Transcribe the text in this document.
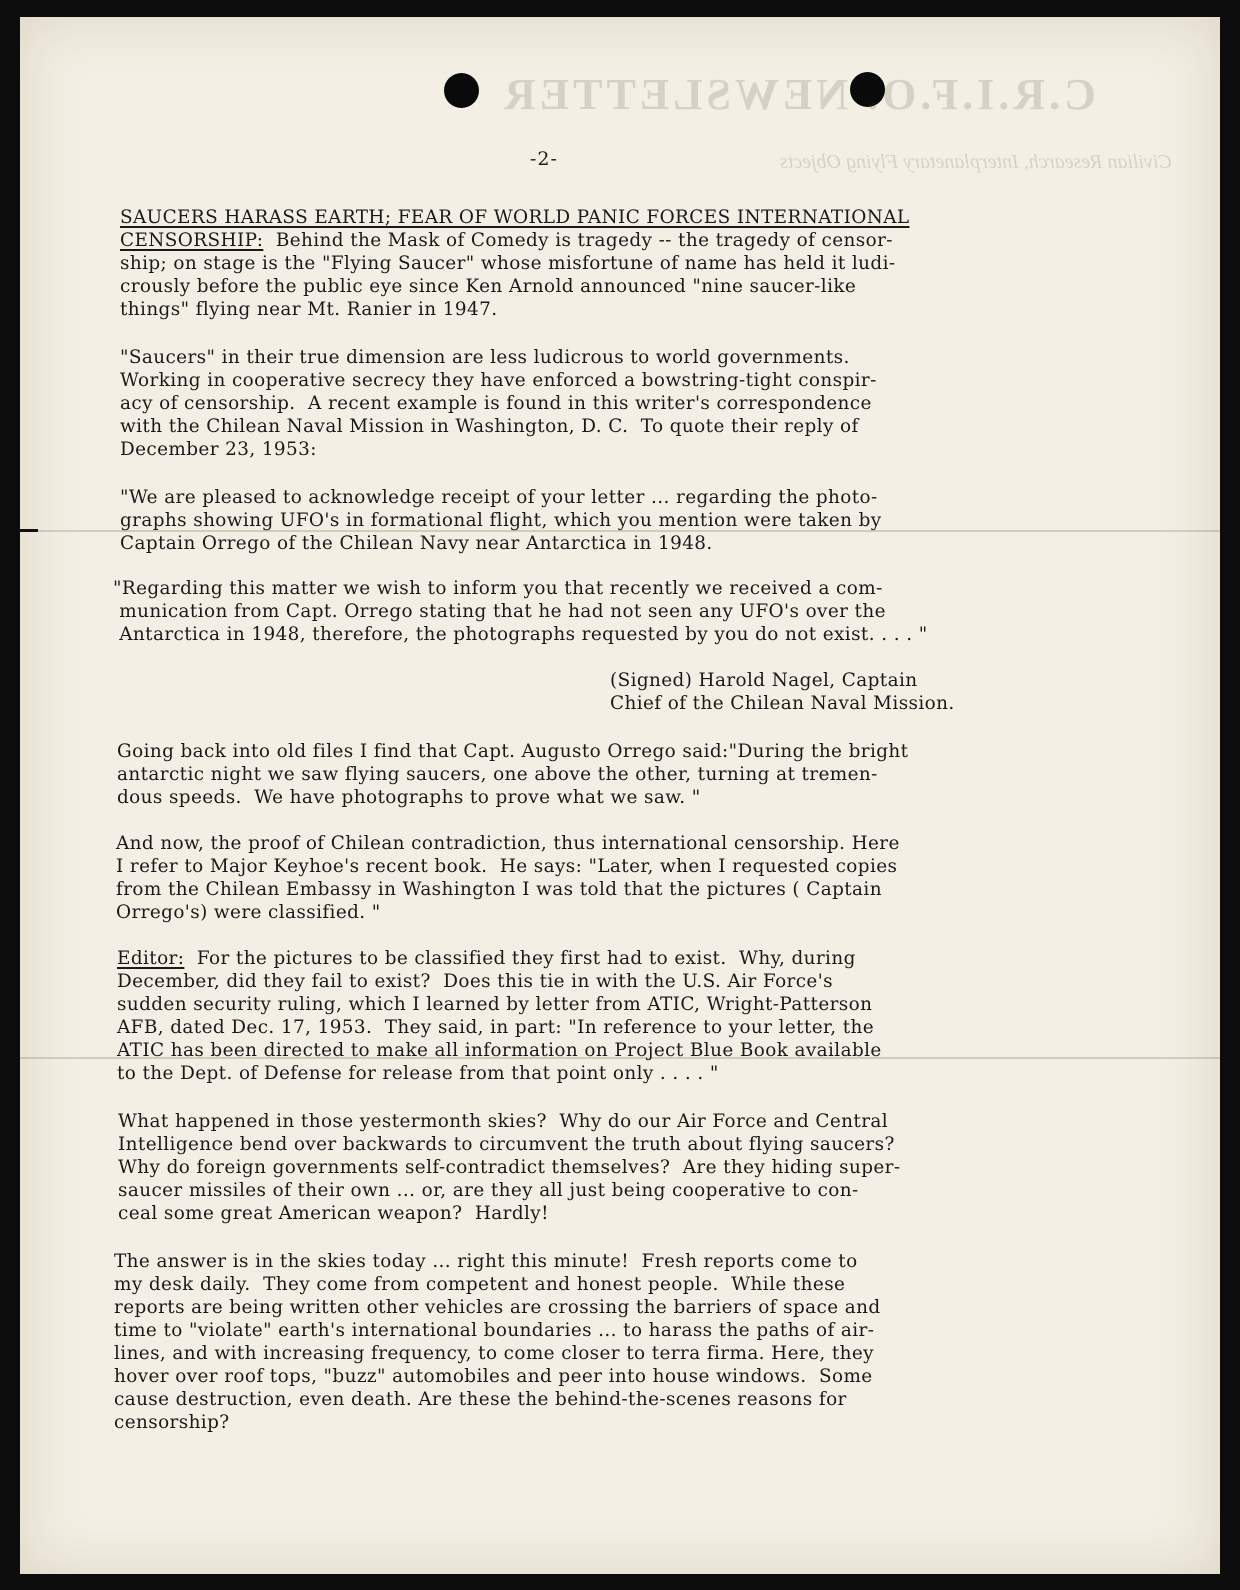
C.R.I.F.O. NEWSLETTER
Civilian Research, Interplanetary Flying Objects
-2-

SAUCERS HARASS EARTH; FEAR OF WORLD PANIC FORCES INTERNATIONAL

CENSORSHIP:  Behind the Mask of Comedy is tragedy -- the tragedy of censor-

ship; on stage is the "Flying Saucer" whose misfortune of name has held it ludi-

crously before the public eye since Ken Arnold announced "nine saucer-like

things" flying near Mt. Ranier in 1947.

"Saucers" in their true dimension are less ludicrous to world governments.

Working in cooperative secrecy they have enforced a bowstring-tight conspir-

acy of censorship.  A recent example is found in this writer's correspondence

with the Chilean Naval Mission in Washington, D. C.  To quote their reply of

December 23, 1953:

"We are pleased to acknowledge receipt of your letter ... regarding the photo-

graphs showing UFO's in formational flight, which you mention were taken by

Captain Orrego of the Chilean Navy near Antarctica in 1948.

"Regarding this matter we wish to inform you that recently we received a com-

munication from Capt. Orrego stating that he had not seen any UFO's over the

Antarctica in 1948, therefore, the photographs requested by you do not exist. . . . "

(Signed) Harold Nagel, Captain

Chief of the Chilean Naval Mission.

Going back into old files I find that Capt. Augusto Orrego said:"During the bright

antarctic night we saw flying saucers, one above the other, turning at tremen-

dous speeds.  We have photographs to prove what we saw. "

And now, the proof of Chilean contradiction, thus international censorship. Here

I refer to Major Keyhoe's recent book.  He says: "Later, when I requested copies

from the Chilean Embassy in Washington I was told that the pictures ( Captain

Orrego's) were classified. "

Editor:  For the pictures to be classified they first had to exist.  Why, during

December, did they fail to exist?  Does this tie in with the U.S. Air Force's

sudden security ruling, which I learned by letter from ATIC, Wright-Patterson

AFB, dated Dec. 17, 1953.  They said, in part: "In reference to your letter, the

ATIC has been directed to make all information on Project Blue Book available

to the Dept. of Defense for release from that point only . . . . "

What happened in those yestermonth skies?  Why do our Air Force and Central

Intelligence bend over backwards to circumvent the truth about flying saucers?

Why do foreign governments self-contradict themselves?  Are they hiding super-

saucer missiles of their own ... or, are they all just being cooperative to con-

ceal some great American weapon?  Hardly!

The answer is in the skies today ... right this minute!  Fresh reports come to

my desk daily.  They come from competent and honest people.  While these

reports are being written other vehicles are crossing the barriers of space and

time to "violate" earth's international boundaries ... to harass the paths of air-

lines, and with increasing frequency, to come closer to terra firma. Here, they

hover over roof tops, "buzz" automobiles and peer into house windows.  Some

cause destruction, even death. Are these the behind-the-scenes reasons for

censorship?
